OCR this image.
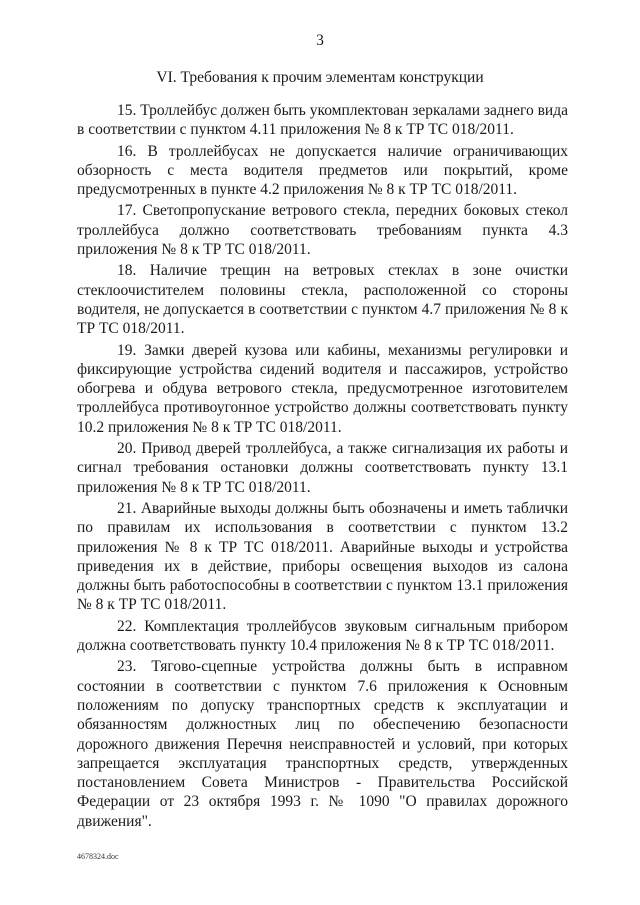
3
VI. Требования к прочим элементам конструкции

15. Троллейбус должен быть укомплектован зеркалами заднего вида в соответствии с пунктом 4.11 приложения № 8 к ТР ТС 018/2011.

16. В троллейбусах не допускается наличие ограничивающих обзорность с места водителя предметов или покрытий, кроме предусмотренных в пункте 4.2 приложения № 8 к ТР ТС 018/2011.

17. Светопропускание ветрового стекла, передних боковых стекол троллейбуса должно соответствовать требованиям пункта 4.3 приложения № 8 к ТР ТС 018/2011.

18. Наличие трещин на ветровых стеклах в зоне очистки стеклоочистителем половины стекла, расположенной со стороны водителя, не допускается в соответствии с пунктом 4.7 приложения № 8 к ТР ТС 018/2011.

19. Замки дверей кузова или кабины, механизмы регулировки и фиксирующие устройства сидений водителя и пассажиров, устройство обогрева и обдува ветрового стекла, предусмотренное изготовителем троллейбуса противоугонное устройство должны соответствовать пункту 10.2 приложения № 8 к ТР ТС 018/2011.

20. Привод дверей троллейбуса, а также сигнализация их работы и сигнал требования остановки должны соответствовать пункту 13.1 приложения № 8 к ТР ТС 018/2011.

21. Аварийные выходы должны быть обозначены и иметь таблички по правилам их использования в соответствии с пунктом 13.2 приложения № 8 к ТР ТС 018/2011. Аварийные выходы и устройства приведения их в действие, приборы освещения выходов из салона должны быть работоспособны в соответствии с пунктом 13.1 приложения № 8 к ТР ТС 018/2011.

22. Комплектация троллейбусов звуковым сигнальным прибором должна соответствовать пункту 10.4 приложения № 8 к ТР ТС 018/2011.

23. Тягово-сцепные устройства должны быть в исправном состоянии в соответствии с пунктом 7.6 приложения к Основным положениям по допуску транспортных средств к эксплуатации и обязанностям должностных лиц по обеспечению безопасности дорожного движения Перечня неисправностей и условий, при которых запрещается эксплуатация транспортных средств, утвержденных постановлением Совета Министров - Правительства Российской Федерации от 23 октября 1993 г. № 1090 "О правилах дорожного движения".

4678324.doc
